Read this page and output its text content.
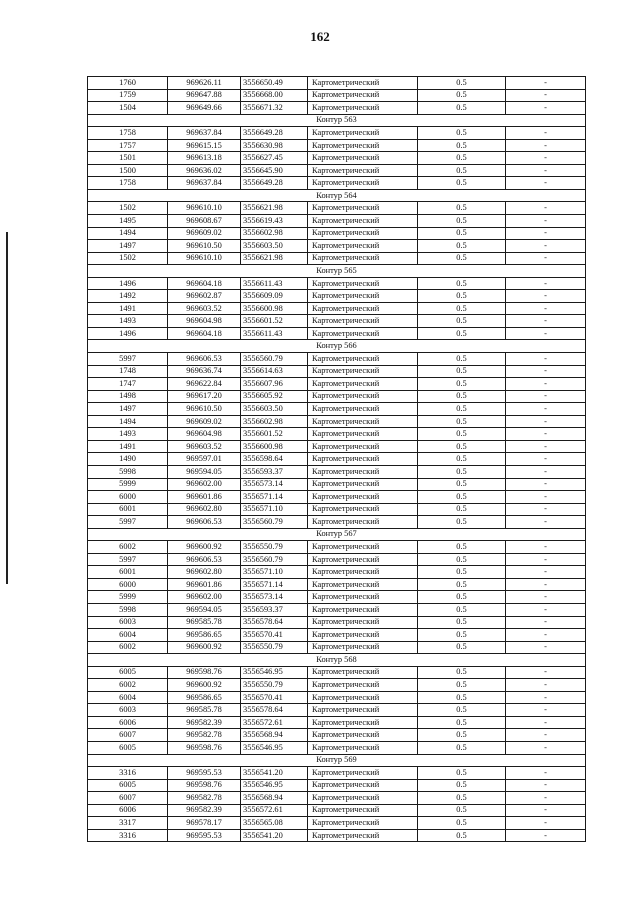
162
1760	969626.11	3556650.49	Картометрический	0.5	-
1759	969647.88	3556668.00	Картометрический	0.5	-
1504	969649.66	3556671.32	Картометрический	0.5	-
Контур 563					
1758	969637.84	3556649.28	Картометрический	0.5	-
1757	969615.15	3556630.98	Картометрический	0.5	-
1501	969613.18	3556627.45	Картометрический	0.5	-
1500	969636.02	3556645.90	Картометрический	0.5	-
1758	969637.84	3556649.28	Картометрический	0.5	-
Контур 564					
1502	969610.10	3556621.98	Картометрический	0.5	-
1495	969608.67	3556619.43	Картометрический	0.5	-
1494	969609.02	3556602.98	Картометрический	0.5	-
1497	969610.50	3556603.50	Картометрический	0.5	-
1502	969610.10	3556621.98	Картометрический	0.5	-
Контур 565					
1496	969604.18	3556611.43	Картометрический	0.5	-
1492	969602.87	3556609.09	Картометрический	0.5	-
1491	969603.52	3556600.98	Картометрический	0.5	-
1493	969604.98	3556601.52	Картометрический	0.5	-
1496	969604.18	3556611.43	Картометрический	0.5	-
Контур 566					
5997	969606.53	3556560.79	Картометрический	0.5	-
1748	969636.74	3556614.63	Картометрический	0.5	-
1747	969622.84	3556607.96	Картометрический	0.5	-
1498	969617.20	3556605.92	Картометрический	0.5	-
1497	969610.50	3556603.50	Картометрический	0.5	-
1494	969609.02	3556602.98	Картометрический	0.5	-
1493	969604.98	3556601.52	Картометрический	0.5	-
1491	969603.52	3556600.98	Картометрический	0.5	-
1490	969597.01	3556598.64	Картометрический	0.5	-
5998	969594.05	3556593.37	Картометрический	0.5	-
5999	969602.00	3556573.14	Картометрический	0.5	-
6000	969601.86	3556571.14	Картометрический	0.5	-
6001	969602.80	3556571.10	Картометрический	0.5	-
5997	969606.53	3556560.79	Картометрический	0.5	-
Контур 567					
6002	969600.92	3556550.79	Картометрический	0.5	-
5997	969606.53	3556560.79	Картометрический	0.5	-
6001	969602.80	3556571.10	Картометрический	0.5	-
6000	969601.86	3556571.14	Картометрический	0.5	-
5999	969602.00	3556573.14	Картометрический	0.5	-
5998	969594.05	3556593.37	Картометрический	0.5	-
6003	969585.78	3556578.64	Картометрический	0.5	-
6004	969586.65	3556570.41	Картометрический	0.5	-
6002	969600.92	3556550.79	Картометрический	0.5	-
Контур 568					
6005	969598.76	3556546.95	Картометрический	0.5	-
6002	969600.92	3556550.79	Картометрический	0.5	-
6004	969586.65	3556570.41	Картометрический	0.5	-
6003	969585.78	3556578.64	Картометрический	0.5	-
6006	969582.39	3556572.61	Картометрический	0.5	-
6007	969582.78	3556568.94	Картометрический	0.5	-
6005	969598.76	3556546.95	Картометрический	0.5	-
Контур 569					
3316	969595.53	3556541.20	Картометрический	0.5	-
6005	969598.76	3556546.95	Картометрический	0.5	-
6007	969582.78	3556568.94	Картометрический	0.5	-
6006	969582.39	3556572.61	Картометрический	0.5	-
3317	969578.17	3556565.08	Картометрический	0.5	-
3316	969595.53	3556541.20	Картометрический	0.5	-
